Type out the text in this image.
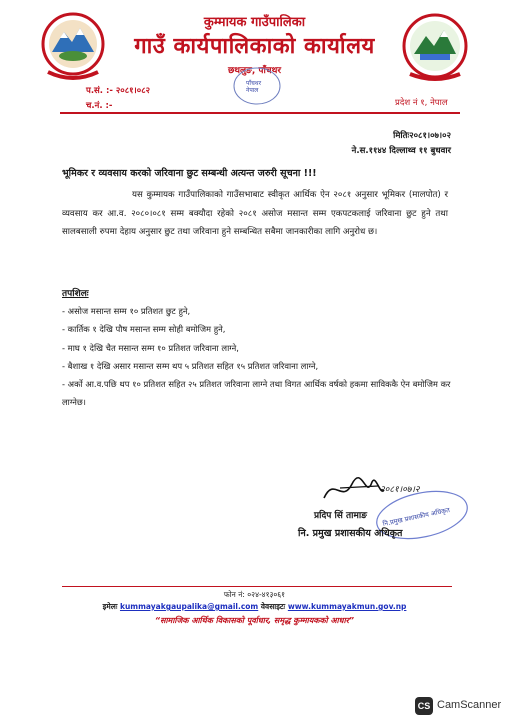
कुम्मायक गाउँपालिका
गाउँ कार्यपालिकाको कार्यालय
छथलुङ, पाँचथर
पाँचथर
नेपाल
प.सं. :- २०८१।०८२
च.नं. :-	प्रदेश नं १, नेपाल
मितिः२०८१।०७।०२
ने.स.११४४ दिल्लाथ्व ११ बुधवार
भूमिकर र व्यवसाय करको जरिवाना छुट सम्बन्धी अत्यन्त जरुरी सूचना !!!
यस कुम्मायक गाउँपालिकाको गाउँसभाबाट स्वीकृत आर्थिक ऐन २०८१ अनुसार भूमिकर (मालपोत) र व्यवसाय कर आ.व. २०८०।०८१ सम्म बक्यौदा रहेको २०८१ असोज मसान्त सम्म एकपटकलाई जरिवाना छुट हुने तथा सालबसाली रुपमा देहाय अनुसार छुट तथा जरिवाना हुने सम्बन्धित सबैमा जानकारीका लागि अनुरोध छ।
तपशिलः

- असोज मसान्त सम्म १० प्रतिशत छुट हुने,

- कार्तिक १ देखि पौष मसान्त सम्म सोही बमोजिम हुने,

- माघ १ देखि चैत मसान्त सम्म १० प्रतिशत जरिवाना लाग्ने,

- बैशाख १ देखि असार मसान्त सम्म थप ५ प्रतिशत सहित १५ प्रतिशत जरिवाना लाग्ने,

- अर्को आ.व.पछि थप १० प्रतिशत सहित २५ प्रतिशत जरिवाना लाग्ने तथा विगत आर्थिक वर्षको हकमा साविककै ऐन बमोजिम कर लाग्नेछ।

२०८१।०७।२
नि.प्रमुख प्रशासकीय अधिकृत
प्रदिप सिं तामाङ
नि. प्रमुख प्रशासकीय अधिकृत
फोन नं: ०२४-४१३०६१
इमेलः kummayakgaupalika@gmail.com वेवसाइटः www.kummayakmun.gov.np
“सामाजिक आर्थिक विकासको पूर्वाधार, समृद्ध कुम्मायकको आधार”
CS CamScanner
